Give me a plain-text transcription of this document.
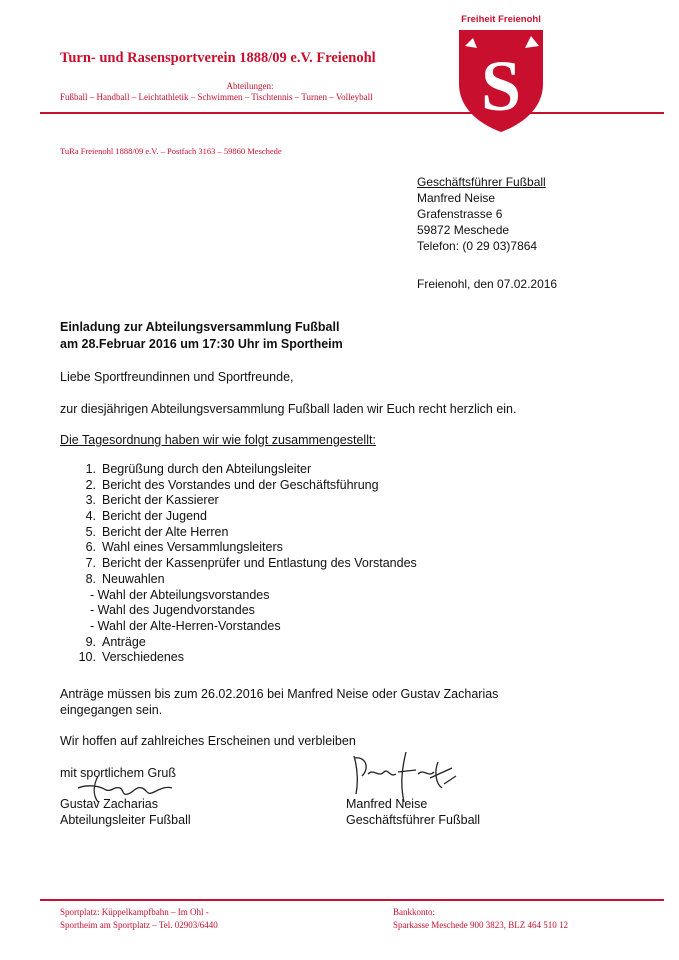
Turn- und Rasensportverein 1888/09 e.V. Freienohl
Abteilungen:
Fußball – Handball – Leichtathletik – Schwimmen – Tischtennis – Turnen – Volleyball
Freiheit Freienohl
S
TuRa Freienohl 1888/09 e.V. – Postfach 3163 – 59860 Meschede
Geschäftsführer Fußball
Manfred Neise
Grafenstrasse 6
59872 Meschede
Telefon: (0 29 03)7864
Freienohl, den 07.02.2016
Einladung zur Abteilungsversammlung Fußball
am 28.Februar 2016 um 17:30 Uhr im Sportheim
Liebe Sportfreundinnen und Sportfreunde,
zur diesjährigen Abteilungsversammlung Fußball laden wir Euch recht herzlich ein.
Die Tagesordnung haben wir wie folgt zusammengestellt:
1. Begrüßung durch den Abteilungsleiter
2. Bericht des Vorstandes und der Geschäftsführung
3. Bericht der Kassierer
4. Bericht der Jugend
5. Bericht der Alte Herren
6. Wahl eines Versammlungsleiters
7. Bericht der Kassenprüfer und Entlastung des Vorstandes
8. Neuwahlen
- Wahl der Abteilungsvorstandes
- Wahl des Jugendvorstandes
- Wahl der Alte-Herren-Vorstandes
9. Anträge
10. Verschiedenes
Anträge müssen bis zum 26.02.2016 bei Manfred Neise oder Gustav Zacharias
eingegangen sein.
Wir hoffen auf zahlreiches Erscheinen und verbleiben
mit sportlichem Gruß
Gustav Zacharias
Abteilungsleiter Fußball
Manfred Neise
Geschäftsführer Fußball
Sportplatz: Küppelkampfbahn – Im Ohl -
Sportheim am Sportplatz – Tel. 02903/6440
Bankkonto:
Sparkasse Meschede 900 3823, BLZ 464 510 12
